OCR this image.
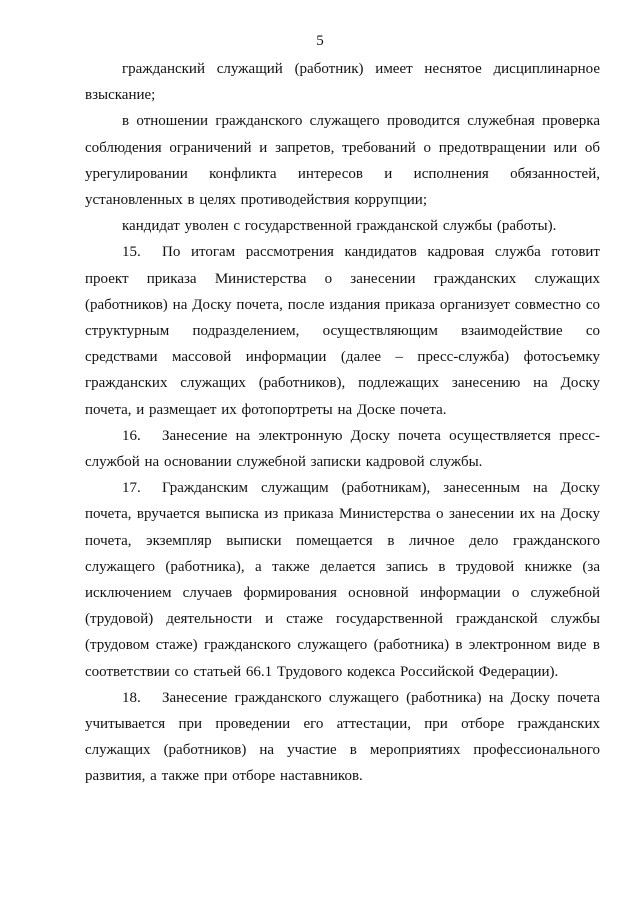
5

гражданский служащий (работник) имеет неснятое дисциплинарное взыскание;

в отношении гражданского служащего проводится служебная проверка соблюдения ограничений и запретов, требований о предотвращении или об урегулировании конфликта интересов и исполнения обязанностей, установленных в целях противодействия коррупции;

кандидат уволен с государственной гражданской службы (работы).

15. По итогам рассмотрения кандидатов кадровая служба готовит проект приказа Министерства о занесении гражданских служащих (работников) на Доску почета, после издания приказа организует совместно со структурным подразделением, осуществляющим взаимодействие со средствами массовой информации (далее – пресс-служба) фотосъемку гражданских служащих (работников), подлежащих занесению на Доску почета, и размещает их фотопортреты на Доске почета.

16. Занесение на электронную Доску почета осуществляется пресс-службой на основании служебной записки кадровой службы.

17. Гражданским служащим (работникам), занесенным на Доску почета, вручается выписка из приказа Министерства о занесении их на Доску почета, экземпляр выписки помещается в личное дело гражданского служащего (работника), а также делается запись в трудовой книжке (за исключением случаев формирования основной информации о служебной (трудовой) деятельности и стаже государственной гражданской службы (трудовом стаже) гражданского служащего (работника) в электронном виде в соответствии со статьей 66.1 Трудового кодекса Российской Федерации).

18. Занесение гражданского служащего (работника) на Доску почета учитывается при проведении его аттестации, при отборе гражданских служащих (работников) на участие в мероприятиях профессионального развития, а также при отборе наставников.
